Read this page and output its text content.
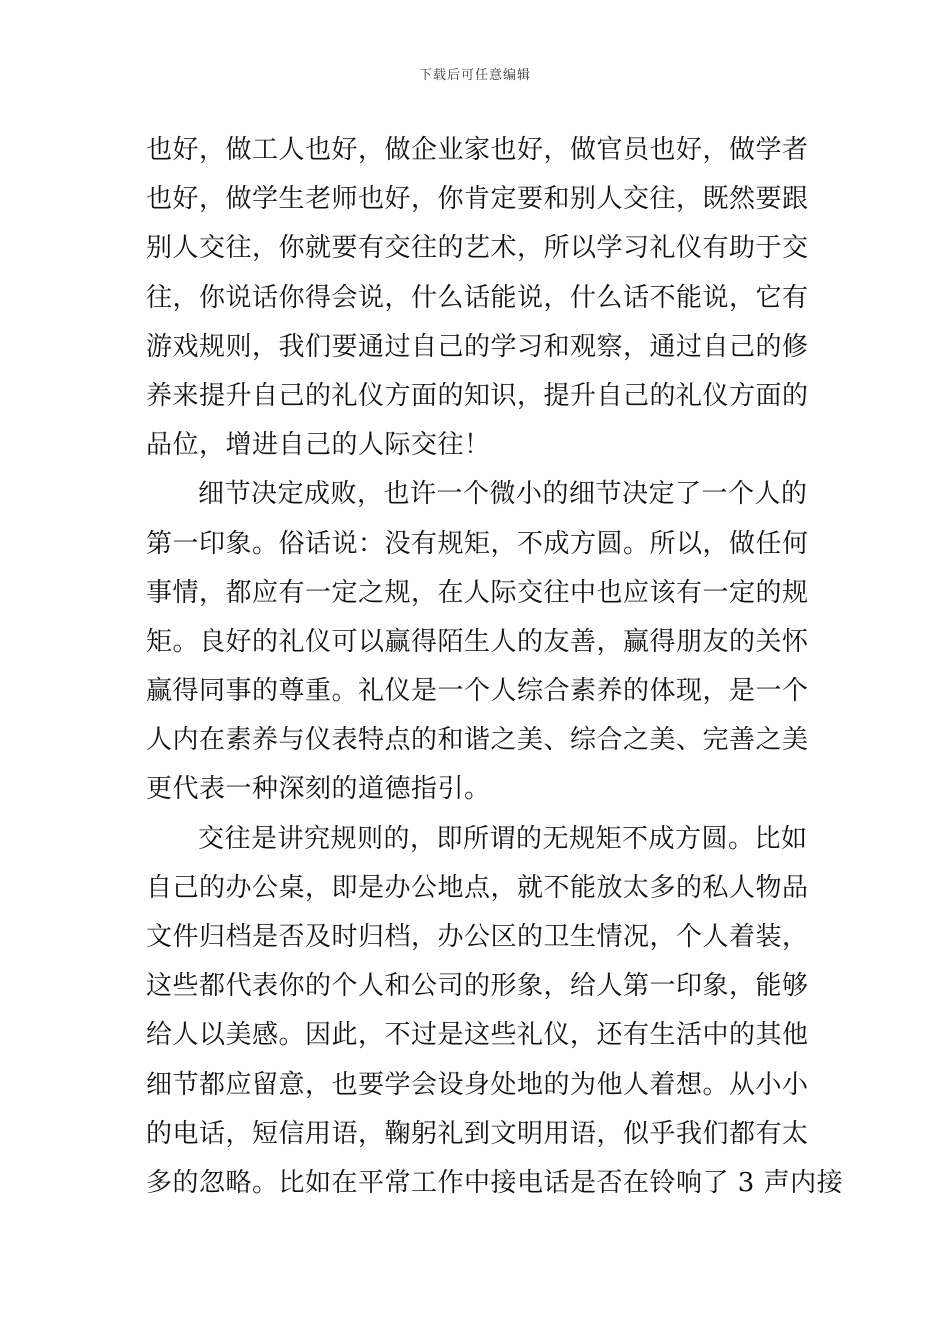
下载后可任意编辑
也好，做工人也好，做企业家也好，做官员也好，做学者
也好，做学生老师也好，你肯定要和别人交往，既然要跟
别人交往，你就要有交往的艺术，所以学习礼仪有助于交
往，你说话你得会说，什么话能说，什么话不能说，它有
游戏规则，我们要通过自己的学习和观察，通过自己的修
养来提升自己的礼仪方面的知识，提升自己的礼仪方面的
品位，增进自己的人际交往！
细节决定成败，也许一个微小的细节决定了一个人的
第一印象。俗话说：没有规矩，不成方圆。所以，做任何
事情，都应有一定之规，在人际交往中也应该有一定的规
矩。良好的礼仪可以赢得陌生人的友善，赢得朋友的关怀
赢得同事的尊重。礼仪是一个人综合素养的体现，是一个
人内在素养与仪表特点的和谐之美、综合之美、完善之美
更代表一种深刻的道德指引。
交往是讲究规则的，即所谓的无规矩不成方圆。比如
自己的办公桌，即是办公地点，就不能放太多的私人物品
文件归档是否及时归档，办公区的卫生情况，个人着装，
这些都代表你的个人和公司的形象，给人第一印象，能够
给人以美感。因此，不过是这些礼仪，还有生活中的其他
细节都应留意，也要学会设身处地的为他人着想。从小小
的电话，短信用语，鞠躬礼到文明用语，似乎我们都有太
多的忽略。比如在平常工作中接电话是否在铃响了 3 声内接
